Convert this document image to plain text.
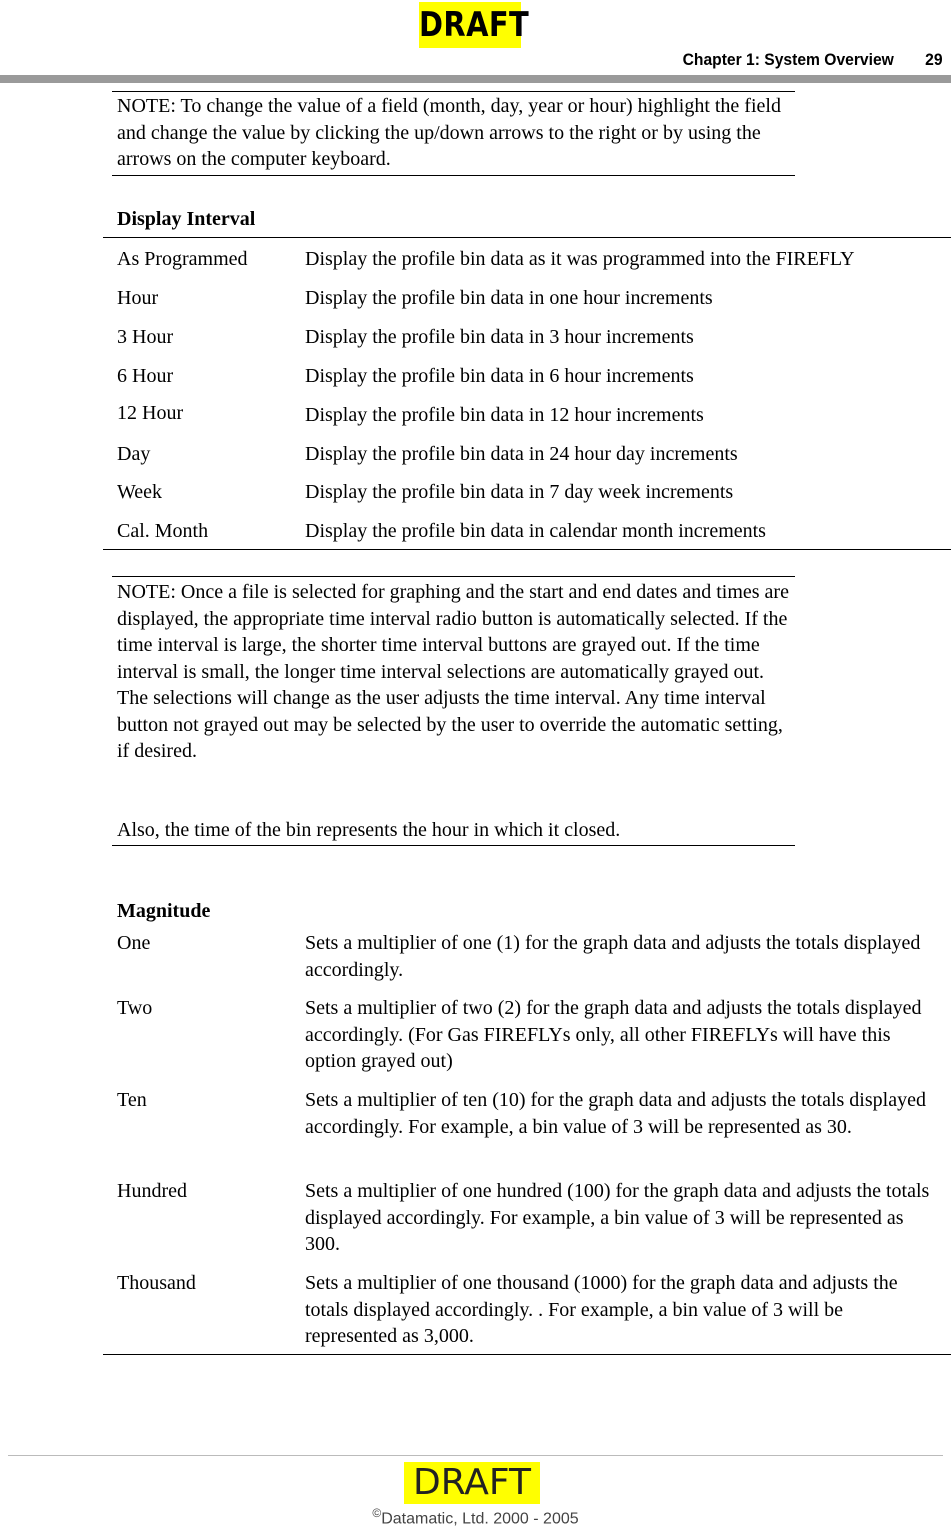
DRAFT
Chapter 1: System Overview 29
NOTE: To change the value of a field (month, day, year or hour) highlight the field and change the value by clicking the up/down arrows to the right or by using the arrows on the computer keyboard.
Display Interval
As Programmed	Display the profile bin data as it was programmed into the FIREFLY
Hour	Display the profile bin data in one hour increments
3 Hour	Display the profile bin data in 3 hour increments
6 Hour	Display the profile bin data in 6 hour increments
12 Hour	Display the profile bin data in 12 hour increments
Day	Display the profile bin data in 24 hour day increments
Week	Display the profile bin data in 7 day week increments
Cal. Month	Display the profile bin data in calendar month increments
NOTE: Once a file is selected for graphing and the start and end dates and times are displayed, the appropriate time interval radio button is automatically selected. If the time interval is large, the shorter time interval buttons are grayed out. If the time interval is small, the longer time interval selections are automatically grayed out. The selections will change as the user adjusts the time interval. Any time interval button not grayed out may be selected by the user to override the automatic setting, if desired.
Also, the time of the bin represents the hour in which it closed.
Magnitude
One	Sets a multiplier of one (1) for the graph data and adjusts the totals displayed accordingly.
Two	Sets a multiplier of two (2) for the graph data and adjusts the totals displayed accordingly. (For Gas FIREFLYs only, all other FIREFLYs will have this option grayed out)
Ten	Sets a multiplier of ten (10) for the graph data and adjusts the totals displayed accordingly. For example, a bin value of 3 will be represented as 30.
Hundred	Sets a multiplier of one hundred (100) for the graph data and adjusts the totals displayed accordingly. For example, a bin value of 3 will be represented as 300.
Thousand	Sets a multiplier of one thousand (1000) for the graph data and adjusts the totals displayed accordingly. . For example, a bin value of 3 will be represented as 3,000.
DRAFT
©Datamatic, Ltd. 2000 - 2005
